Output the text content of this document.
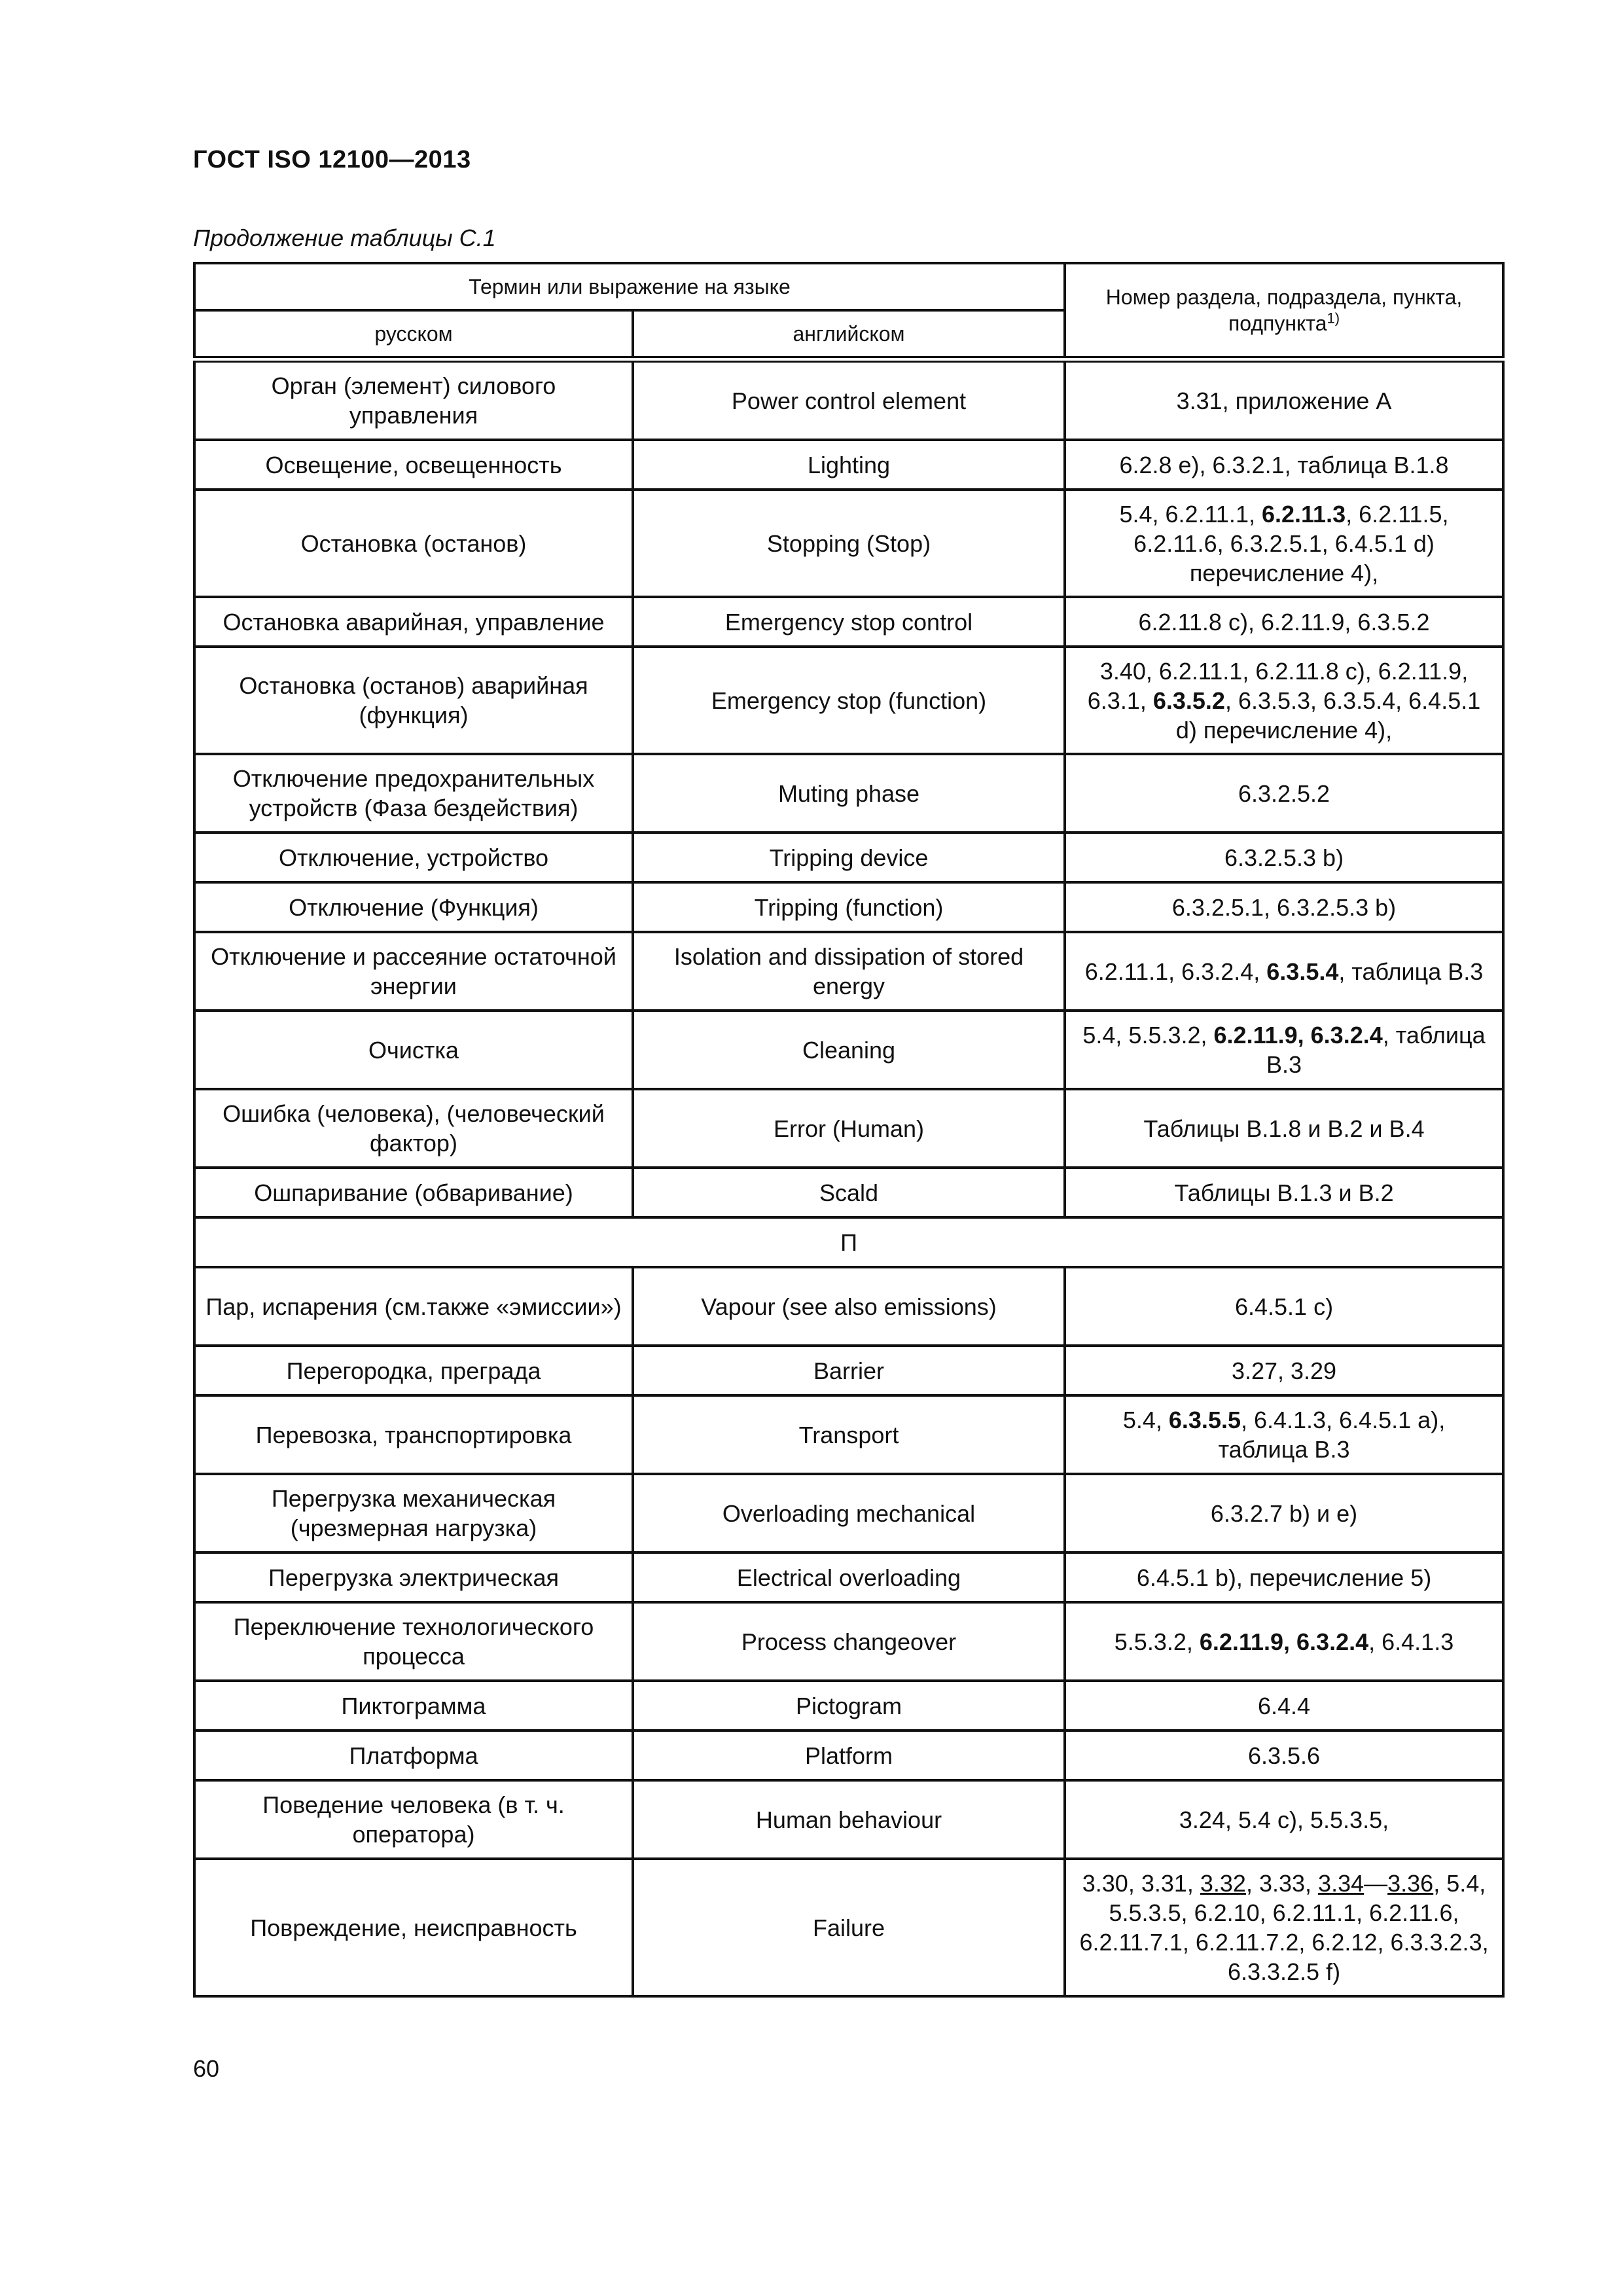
ГОСТ ISO 12100—2013

Продолжение таблицы С.1

Термин или выражение на языке		Номер раздела, подраздела, пункта, подпункта$^{1)}$
русском	английском	
Орган (элемент) силового управления	Power control element	3.31, приложение А
Освещение, освещенность	Lighting	6.2.8 е), 6.3.2.1, таблица В.1.8
Остановка (останов)	Stopping (Stop)	5.4, 6.2.11.1, 6.2.11.3, 6.2.11.5, 6.2.11.6, 6.3.2.5.1, 6.4.5.1 d) перечисление 4),
Остановка аварийная, управление	Emergency stop control	6.2.11.8 с), 6.2.11.9, 6.3.5.2
Остановка (останов) аварийная (функция)	Emergency stop (function)	3.40, 6.2.11.1, 6.2.11.8 с), 6.2.11.9, 6.3.1, 6.3.5.2, 6.3.5.3, 6.3.5.4, 6.4.5.1 d) перечисление 4),
Отключение предохранительных устройств (Фаза бездействия)	Muting phase	6.3.2.5.2
Отключение, устройство	Tripping device	6.3.2.5.3 b)
Отключение (Функция)	Tripping (function)	6.3.2.5.1, 6.3.2.5.3 b)
Отключение и рассеяние остаточной энергии	Isolation and dissipation of stored energy	6.2.11.1, 6.3.2.4, 6.3.5.4, таблица В.3
Очистка	Cleaning	5.4, 5.5.3.2, 6.2.11.9, 6.3.2.4, таблица В.3
Ошибка (человека), (человеческий фактор)	Error (Human)	Таблицы В.1.8 и В.2 и В.4
Ошпаривание (обваривание)	Scald	Таблицы В.1.3 и В.2
П		
Пар, испарения (см.также «эмиссии»)	Vapour (see also emissions)	6.4.5.1 с)
Перегородка, преграда	Barrier	3.27, 3.29
Перевозка, транспортировка	Transport	5.4, 6.3.5.5, 6.4.1.3, 6.4.5.1 а), таблица В.3
Перегрузка механическая (чрезмерная нагрузка)	Overloading mechanical	6.3.2.7 b) и е)
Перегрузка электрическая	Electrical overloading	6.4.5.1 b), перечисление 5)
Переключение технологического процесса	Process changeover	5.5.3.2, 6.2.11.9, 6.3.2.4, 6.4.1.3
Пиктограмма	Pictogram	6.4.4
Платформа	Platform	6.3.5.6
Поведение человека (в т. ч. оператора)	Human behaviour	3.24, 5.4 с), 5.5.3.5,
Повреждение, неисправность	Failure	3.30, 3.31, 3.32, 3.33, 3.34—3.36, 5.4, 5.5.3.5, 6.2.10, 6.2.11.1, 6.2.11.6, 6.2.11.7.1, 6.2.11.7.2, 6.2.12, 6.3.3.2.3, 6.3.3.2.5 f)

60
